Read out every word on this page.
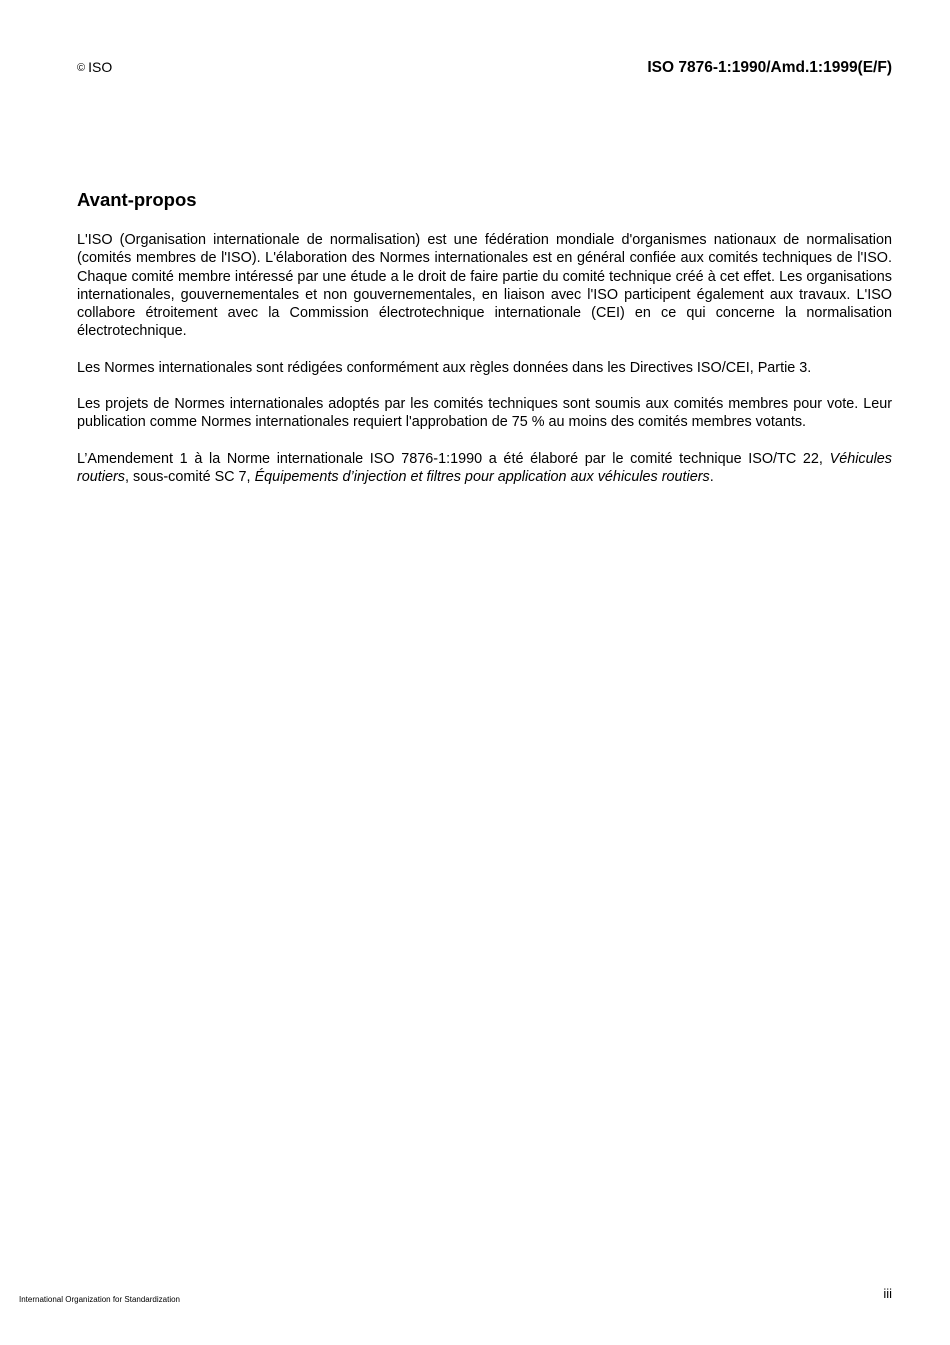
© ISO	ISO 7876-1:1990/Amd.1:1999(E/F)
Avant-propos

L'ISO (Organisation internationale de normalisation) est une fédération mondiale d'organismes nationaux de normalisation (comités membres de l'ISO). L'élaboration des Normes internationales est en général confiée aux comités techniques de l'ISO. Chaque comité membre intéressé par une étude a le droit de faire partie du comité technique créé à cet effet. Les organisations internationales, gouvernementales et non gouvernementales, en liaison avec l'ISO participent également aux travaux. L'ISO collabore étroitement avec la Commission électrotechnique internationale (CEI) en ce qui concerne la normalisation électrotechnique.

Les Normes internationales sont rédigées conformément aux règles données dans les Directives ISO/CEI, Partie 3.

Les projets de Normes internationales adoptés par les comités techniques sont soumis aux comités membres pour vote. Leur publication comme Normes internationales requiert l'approbation de 75 % au moins des comités membres votants.

L’Amendement 1 à la Norme internationale ISO 7876-1:1990 a été élaboré par le comité technique ISO/TC 22, Véhicules routiers, sous-comité SC 7, Équipements d’injection et filtres pour application aux véhicules routiers.

International Organization for Standardization	iii
